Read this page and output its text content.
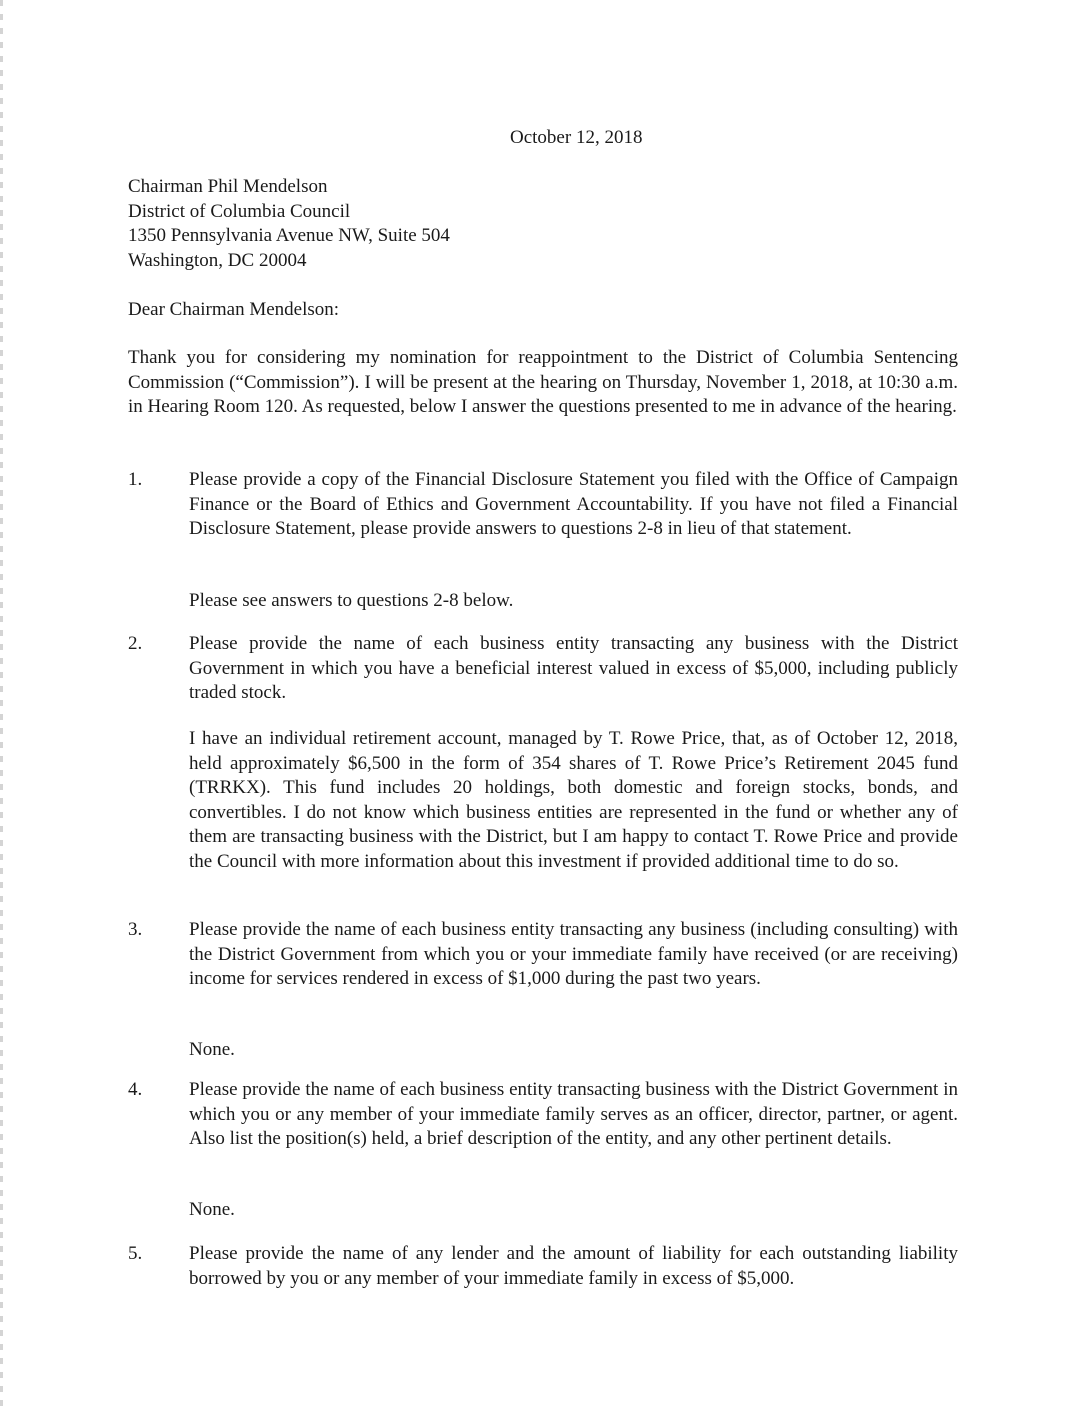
October 12, 2018
Chairman Phil Mendelson
District of Columbia Council
1350 Pennsylvania Avenue NW, Suite 504
Washington, DC 20004
Dear Chairman Mendelson:

Thank you for considering my nomination for reappointment to the District of Columbia Sentencing Commission (“Commission”). I will be present at the hearing on Thursday, November 1, 2018, at 10:30 a.m. in Hearing Room 120. As requested, below I answer the questions presented to me in advance of the hearing.

1. Please provide a copy of the Financial Disclosure Statement you filed with the Office of Campaign Finance or the Board of Ethics and Government Accountability. If you have not filed a Financial Disclosure Statement, please provide answers to questions 2-8 in lieu of that statement.

Please see answers to questions 2-8 below.

2. Please provide the name of each business entity transacting any business with the District Government in which you have a beneficial interest valued in excess of $5,000, including publicly traded stock.

I have an individual retirement account, managed by T. Rowe Price, that, as of October 12, 2018, held approximately $6,500 in the form of 354 shares of T. Rowe Price’s Retirement 2045 fund (TRRKX). This fund includes 20 holdings, both domestic and foreign stocks, bonds, and convertibles. I do not know which business entities are represented in the fund or whether any of them are transacting business with the District, but I am happy to contact T. Rowe Price and provide the Council with more information about this investment if provided additional time to do so.

3. Please provide the name of each business entity transacting any business (including consulting) with the District Government from which you or your immediate family have received (or are receiving) income for services rendered in excess of $1,000 during the past two years.

None.

4. Please provide the name of each business entity transacting business with the District Government in which you or any member of your immediate family serves as an officer, director, partner, or agent. Also list the position(s) held, a brief description of the entity, and any other pertinent details.

None.

5. Please provide the name of any lender and the amount of liability for each outstanding liability borrowed by you or any member of your immediate family in excess of $5,000.
